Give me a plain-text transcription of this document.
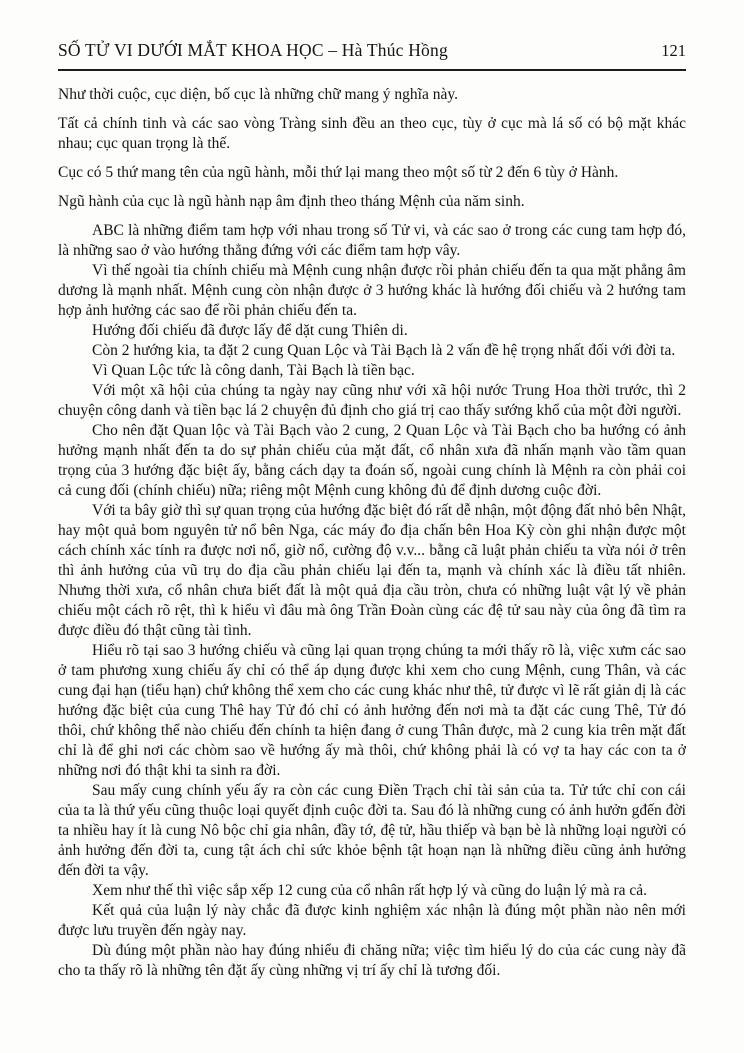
SỐ TỬ VI DƯỚI MẮT KHOA HỌC – Hà Thúc Hồng	121

Như thời cuộc, cục diện, bố cục là những chữ mang ý nghĩa này.

Tất cả chính tinh và các sao vòng Tràng sinh đều an theo cục, tùy ở cục mà lá số có bộ mặt khác nhau; cục quan trọng là thế.

Cục có 5 thứ mang tên của ngũ hành, mỗi thứ lại mang theo một số từ 2 đến 6 tùy ở Hành.

Ngũ hành của cục là ngũ hành nạp âm định theo tháng Mệnh của năm sinh.

ABC là những điểm tam hợp với nhau trong số Tử vi, và các sao ở trong các cung tam hợp đó, là những sao ở vào hướng thẳng đứng với các điểm tam hợp vây.

Vì thế ngoài tia chính chiếu mà Mệnh cung nhận được rồi phản chiếu đến ta qua mặt phẳng âm dương là mạnh nhất. Mệnh cung còn nhận được ở 3 hướng khác là hướng đối chiếu và 2 hướng tam hợp ảnh hưởng các sao để rồi phản chiếu đến ta.

Hướng đối chiếu đã được lấy để dặt cung Thiên di.

Còn 2 hướng kia, ta đặt 2 cung Quan Lộc và Tài Bạch là 2 vấn đề hệ trọng nhất đối với đời ta.

Vì Quan Lộc tức là công danh, Tài Bạch là tiền bạc.

Với một xã hội của chúng ta ngày nay cũng như với xã hội nước Trung Hoa thời trước, thì 2 chuyện công danh và tiền bạc lá 2 chuyện đủ định cho giá trị cao thấy sướng khổ của một đời người.

Cho nên đặt Quan lộc và Tài Bạch vào 2 cung, 2 Quan Lộc và Tài Bạch cho ba hướng có ảnh hưởng mạnh nhất đến ta do sự phản chiếu của mặt đất, cổ nhân xưa đã nhấn mạnh vào tầm quan trọng của 3 hướng đặc biệt ấy, bằng cách dạy ta đoán số, ngoài cung chính là Mệnh ra còn phải coi cả cung đối (chính chiếu) nữa; riêng một Mệnh cung không đủ để định dương cuộc đời.

Với ta bây giờ thì sự quan trọng của hướng đặc biệt đó rất dễ nhận, một động đất nhỏ bên Nhật, hay một quả bom nguyên tử nổ bên Nga, các máy đo địa chấn bên Hoa Kỳ còn ghi nhận được một cách chính xác tính ra được nơi nổ, giờ nổ, cường độ v.v... bằng cã luật phản chiếu ta vừa nói ở trên thì ảnh hưởng của vũ trụ do địa cầu phản chiếu lại đến ta, mạnh và chính xác là điều tất nhiên. Nhưng thời xưa, cổ nhân chưa biết đất là một quả địa cầu tròn, chưa có những luật vật lý về phản chiếu một cách rõ rệt, thì k hiểu vì đâu mà ông Trần Đoàn cùng các đệ tử sau này của ông đã tìm ra được điều đó thật cũng tài tình.

Hiểu rõ tại sao 3 hướng chiếu và cũng lại quan trọng chúng ta mới thấy rõ là, việc xưm các sao ở tam phương xung chiếu ấy chỉ có thể áp dụng được khi xem cho cung Mệnh, cung Thân, và các cung đại hạn (tiểu hạn) chứ không thể xem cho các cung khác như thê, tử được vì lẽ rất giản dị là các hướng đặc biệt của cung Thê hay Tử đó chỉ có ảnh hưởng đến nơi mà ta đặt các cung Thê, Tử đó thôi, chứ không thể nào chiếu đến chính ta hiện đang ở cung Thân được, mà 2 cung kia trên mặt đất chỉ là để ghi nơi các chòm sao về hướng ấy mà thôi, chứ không phải là có vợ ta hay các con ta ở những nơi đó thật khi ta sinh ra đời.

Sau mấy cung chính yếu ấy ra còn các cung Điền Trạch chỉ tài sản của ta. Tử tức chỉ con cái của ta là thứ yếu cũng thuộc loại quyết định cuộc đời ta. Sau đó là những cung có ảnh hưởn gđến đời ta nhiều hay ít là cung Nô bộc chỉ gia nhân, đầy tớ, đệ tử, hầu thiếp và bạn bè là những loại người có ảnh hưởng đến đời ta, cung tật ách chỉ sức khỏe bệnh tật hoạn nạn là những điều cũng ảnh hưởng đến đời ta vậy.

Xem như thế thì việc sắp xếp 12 cung của cổ nhân rất hợp lý và cũng do luận lý mà ra cả.

Kết quả của luận lý này chắc đã được kinh nghiệm xác nhận là đúng một phần nào nên mới được lưu truyền đến ngày nay.

Dù đúng một phần nào hay đúng nhiểu đi chăng nữa; việc tìm hiểu lý do của các cung này đã cho ta thấy rõ là những tên đặt ấy cùng những vị trí ấy chỉ là tương đối.
